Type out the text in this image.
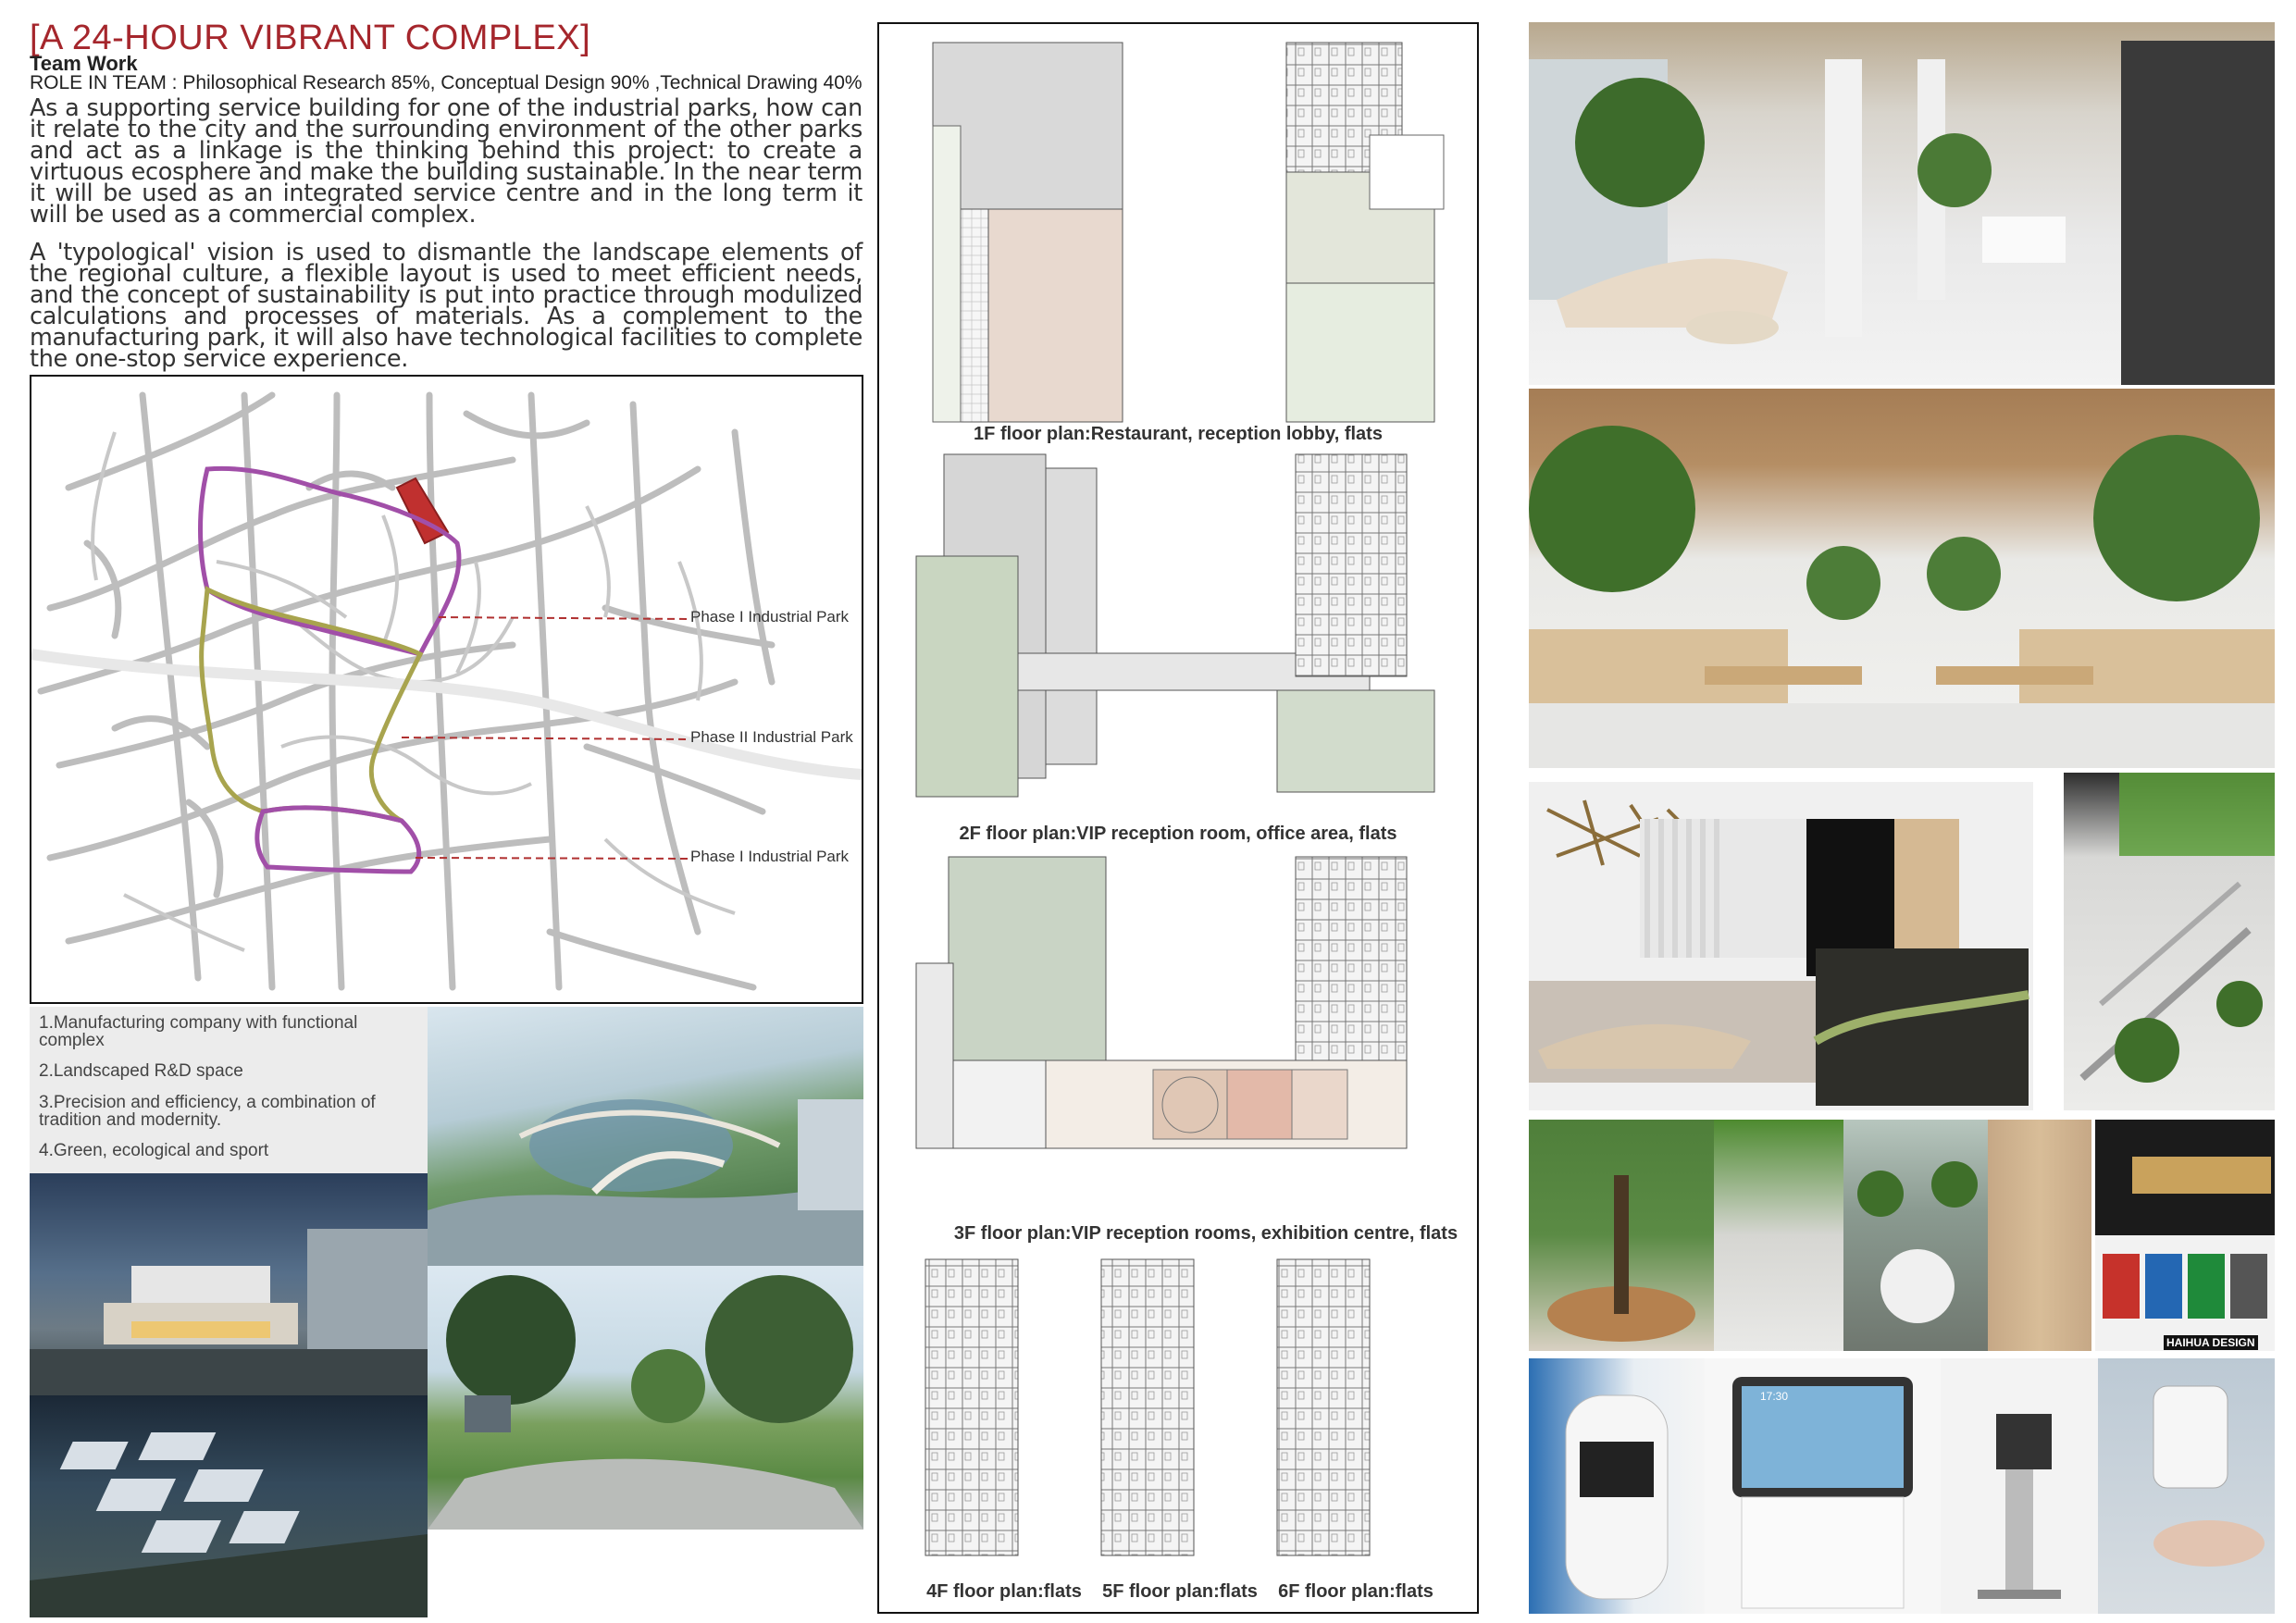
[A 24-HOUR VIBRANT COMPLEX]
Team Work
ROLE IN TEAM : Philosophical Research 85%, Conceptual Design 90% ,Technical Drawing 40%
As a supporting service building for one of the industrial parks, how can it relate to the city and the surrounding environment of the other parks and act as a linkage is the thinking behind this project: to create a virtuous ecosphere and make the building sustainable. In the near term it will be used as an integrated service centre and in the long term it will be used as a commercial complex.
A 'typological' vision is used to dismantle the landscape elements of the regional culture, a flexible layout is used to meet efficient needs, and the concept of sustainability is put into practice through modulized calculations and processes of materials. As a complement to the manufacturing park, it will also have technological facilities to complete the one-stop service experience.
Phase I Industrial Park
Phase II Industrial Park
Phase I Industrial Park
1.Manufacturing company with functional complex
2.Landscaped R&D space
3.Precision and efficiency, a combination of tradition and modernity.
4.Green, ecological and sport
1F floor plan:Restaurant, reception lobby, flats
2F floor plan:VIP reception room, office area, flats
3F floor plan:VIP reception rooms, exhibition centre, flats
4F floor plan:flats	5F floor plan:flats	6F floor plan:flats
HAIHUA DESIGN
17:30
